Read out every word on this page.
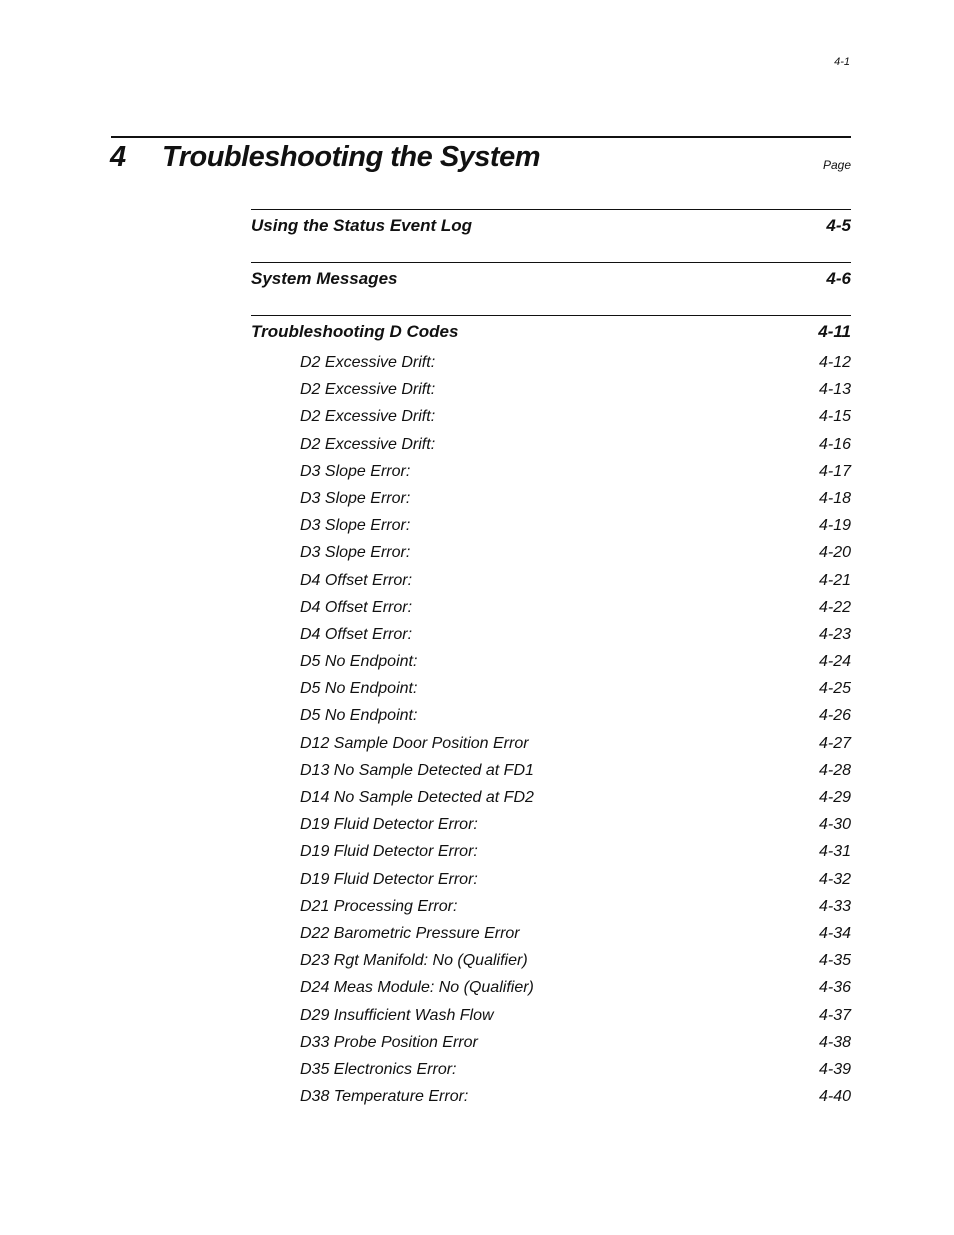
4-1
4 Troubleshooting the System	Page
Using the Status Event Log	4-5
System Messages	4-6
Troubleshooting D Codes	4-11
D2 Excessive Drift:	4-12
D2 Excessive Drift:	4-13
D2 Excessive Drift:	4-15
D2 Excessive Drift:	4-16
D3 Slope Error:	4-17
D3 Slope Error:	4-18
D3 Slope Error:	4-19
D3 Slope Error:	4-20
D4 Offset Error:	4-21
D4 Offset Error:	4-22
D4 Offset Error:	4-23
D5 No Endpoint:	4-24
D5 No Endpoint:	4-25
D5 No Endpoint:	4-26
D12 Sample Door Position Error	4-27
D13 No Sample Detected at FD1	4-28
D14 No Sample Detected at FD2	4-29
D19 Fluid Detector Error:	4-30
D19 Fluid Detector Error:	4-31
D19 Fluid Detector Error:	4-32
D21 Processing Error:	4-33
D22 Barometric Pressure Error	4-34
D23 Rgt Manifold: No (Qualifier)	4-35
D24 Meas Module: No (Qualifier)	4-36
D29 Insufficient Wash Flow	4-37
D33 Probe Position Error	4-38
D35 Electronics Error:	4-39
D38 Temperature Error:	4-40
